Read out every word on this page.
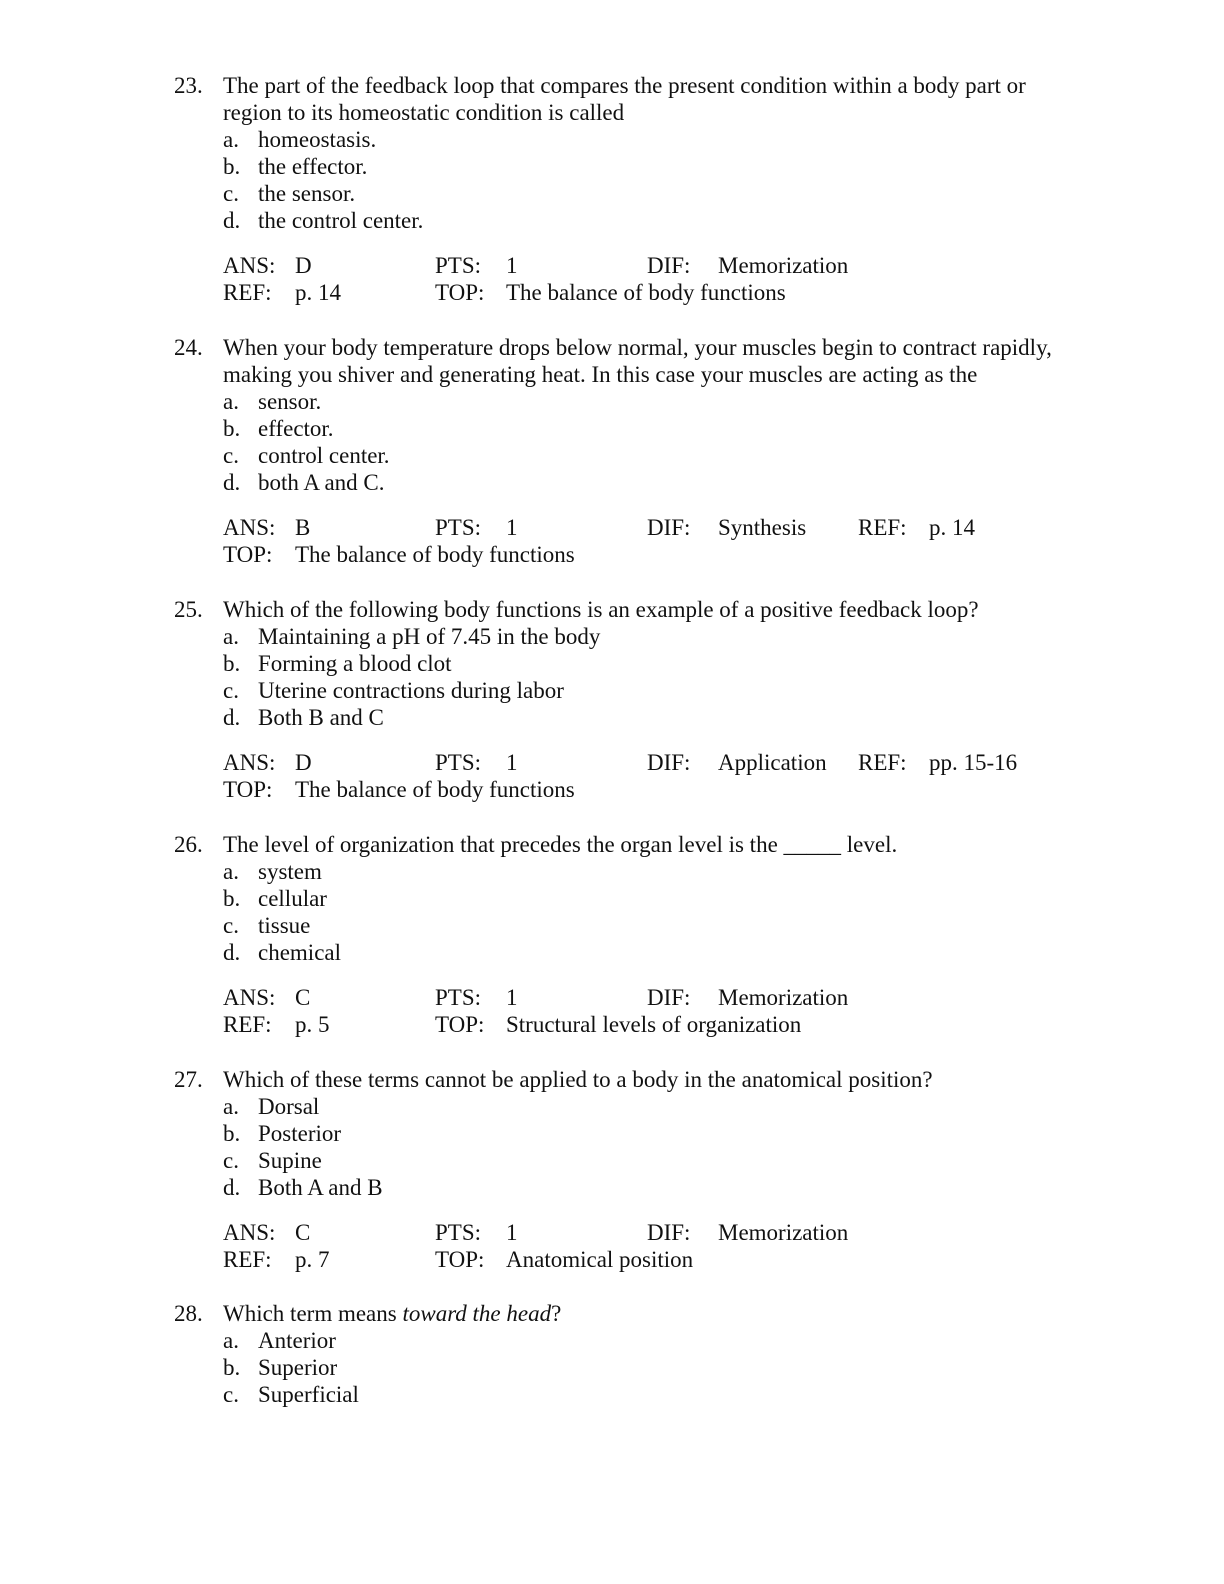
23. The part of the feedback loop that compares the present condition within a body part or
region to its homeostatic condition is called
a. homeostasis.
b. the effector.
c. the sensor.
d. the control center.
ANS: D	PTS: 1	DIF: Memorization
REF: p. 14	TOP: The balance of body functions
24. When your body temperature drops below normal, your muscles begin to contract rapidly,
making you shiver and generating heat. In this case your muscles are acting as the
a. sensor.
b. effector.
c. control center.
d. both A and C.
ANS: B	PTS: 1	DIF: Synthesis REF: p. 14
TOP: The balance of body functions
25. Which of the following body functions is an example of a positive feedback loop?
a. Maintaining a pH of 7.45 in the body
b. Forming a blood clot
c. Uterine contractions during labor
d. Both B and C
ANS: D	PTS: 1	DIF: Application REF: pp. 15-16
TOP: The balance of body functions
26. The level of organization that precedes the organ level is the _____ level.
a. system
b. cellular
c. tissue
d. chemical
ANS: C	PTS: 1	DIF: Memorization
REF: p. 5	TOP: Structural levels of organization
27. Which of these terms cannot be applied to a body in the anatomical position?
a. Dorsal
b. Posterior
c. Supine
d. Both A and B
ANS: C	PTS: 1	DIF: Memorization
REF: p. 7	TOP: Anatomical position
28. Which term means toward the head?
a. Anterior
b. Superior
c. Superficial
